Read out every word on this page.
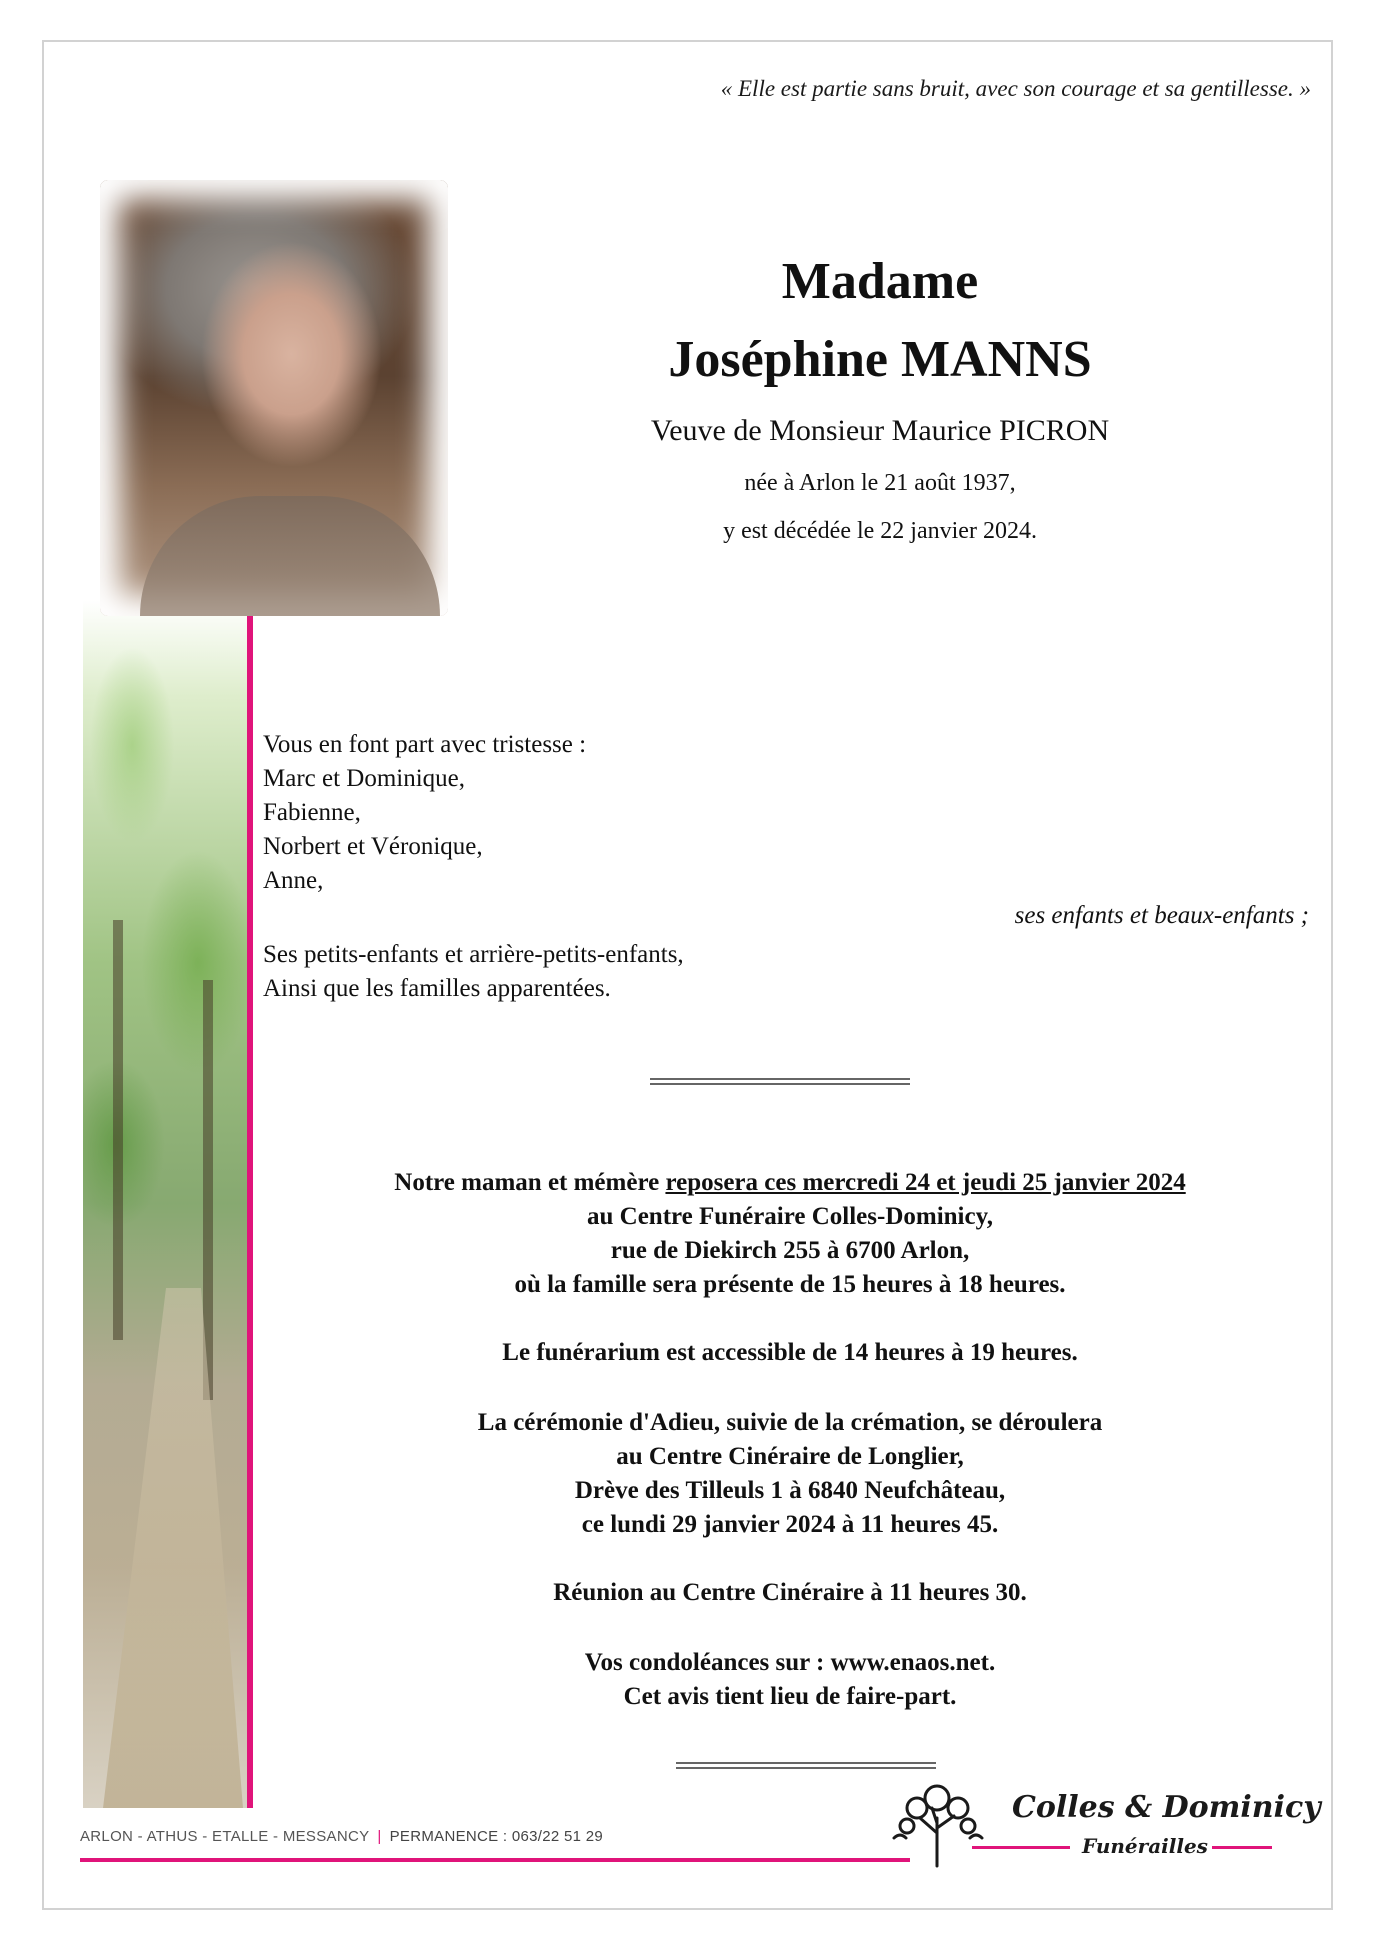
« Elle est partie sans bruit, avec son courage et sa gentillesse. »
Madame
Joséphine MANNS
Veuve de Monsieur Maurice PICRON
née à Arlon le 21 août 1937,
y est décédée le 22 janvier 2024.
Vous en font part avec tristesse :
Marc et Dominique,
Fabienne,
Norbert et Véronique,
Anne,
ses enfants et beaux-enfants ;
Ses petits-enfants et arrière-petits-enfants,
Ainsi que les familles apparentées.
Notre maman et mémère reposera ces mercredi 24 et jeudi 25 janvier 2024
au Centre Funéraire Colles-Dominicy,
rue de Diekirch 255 à 6700 Arlon,
où la famille sera présente de 15 heures à 18 heures.
Le funérarium est accessible de 14 heures à 19 heures.
La cérémonie d'Adieu, suivie de la crémation, se déroulera
au Centre Cinéraire de Longlier,
Drève des Tilleuls 1 à 6840 Neufchâteau,
ce lundi 29 janvier 2024 à 11 heures 45.
Réunion au Centre Cinéraire à 11 heures 30.
Vos condoléances sur : www.enaos.net.
Cet avis tient lieu de faire-part.
ARLON - ATHUS - ETALLE - MESSANCY | PERMANENCE : 063/22 51 29
Colles & Dominicy
Funérailles
